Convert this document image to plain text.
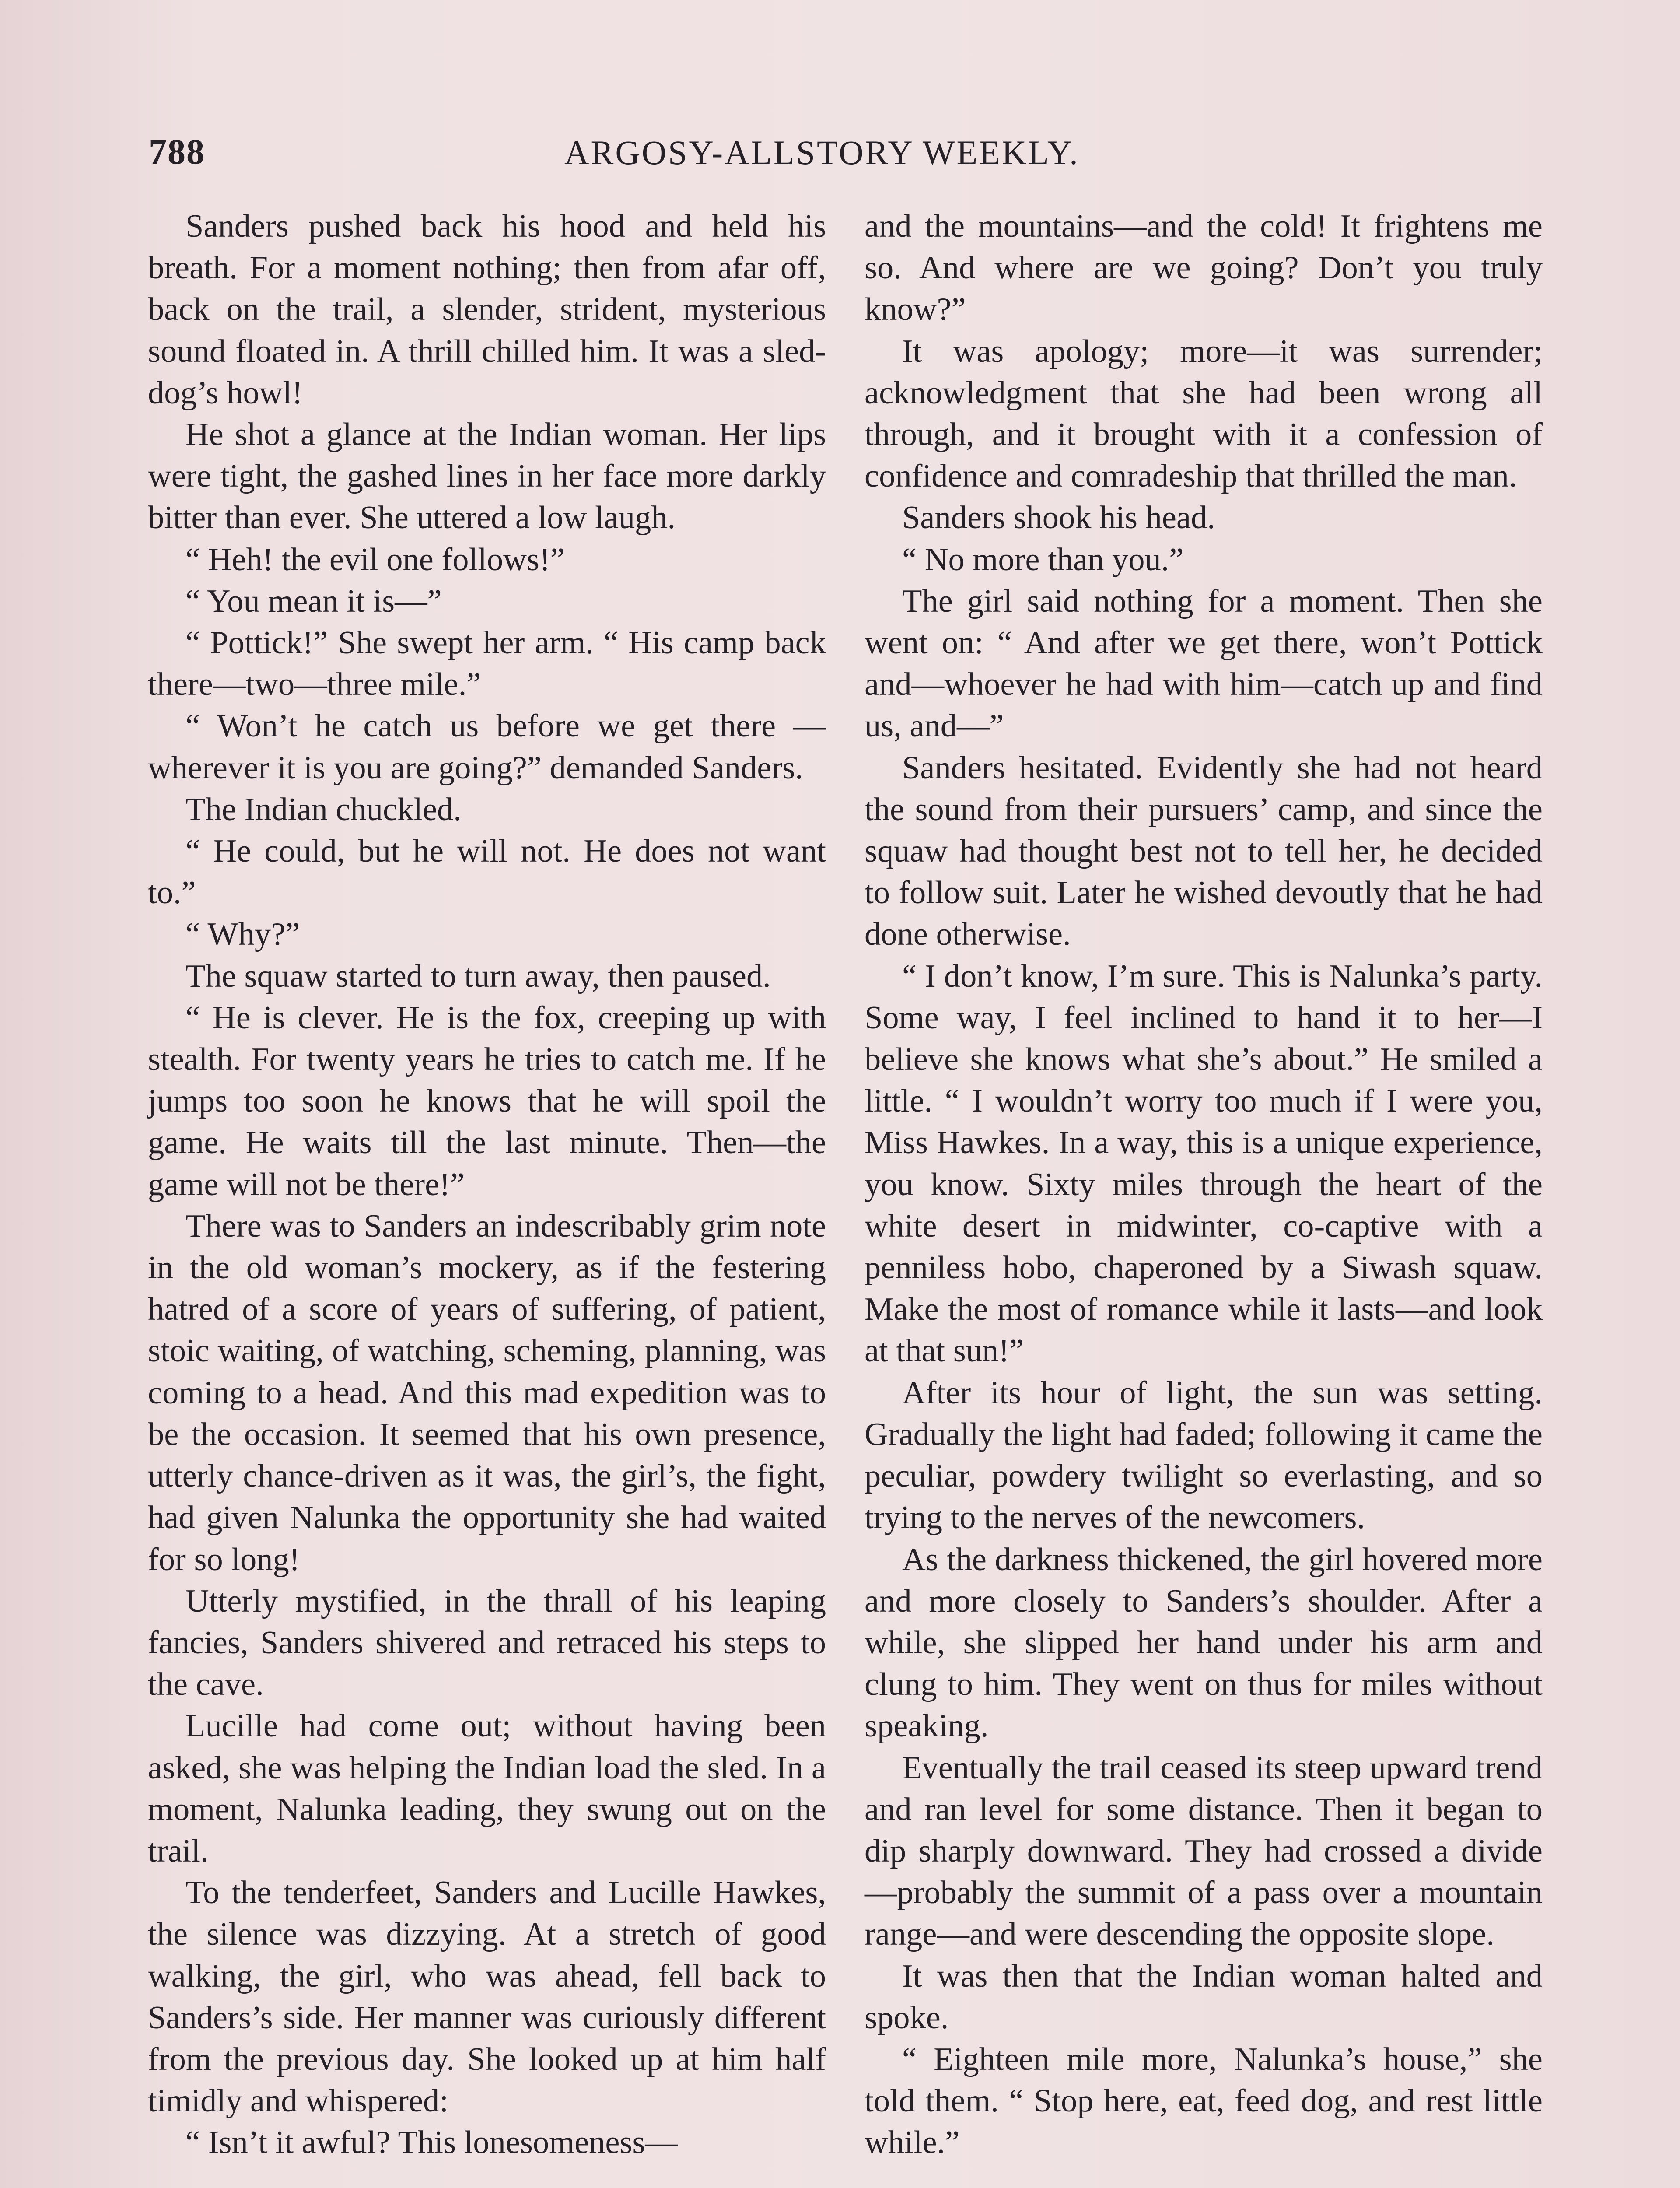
788	ARGOSY-ALLSTORY WEEKLY.

Sanders pushed back his hood and held his breath. For a moment nothing; then from afar off, back on the trail, a slender, strident, mysterious sound floated in. A thrill chilled him. It was a sled-dog’s howl!

He shot a glance at the Indian woman. Her lips were tight, the gashed lines in her face more darkly bitter than ever. She uttered a low laugh.

“ Heh! the evil one follows!”

“ You mean it is—”

“ Pottick!” She swept her arm. “ His camp back there—two—three mile.”

“ Won’t he catch us before we get there —wherever it is you are going?” demanded Sanders.

The Indian chuckled.

“ He could, but he will not. He does not want to.”

“ Why?”

The squaw started to turn away, then paused.

“ He is clever. He is the fox, creeping up with stealth. For twenty years he tries to catch me. If he jumps too soon he knows that he will spoil the game. He waits till the last minute. Then—the game will not be there!”

There was to Sanders an indescribably grim note in the old woman’s mockery, as if the festering hatred of a score of years of suffering, of patient, stoic waiting, of watching, scheming, planning, was coming to a head. And this mad expedition was to be the occasion. It seemed that his own presence, utterly chance-driven as it was, the girl’s, the fight, had given Nalunka the opportunity she had waited for so long!

Utterly mystified, in the thrall of his leaping fancies, Sanders shivered and retraced his steps to the cave.

Lucille had come out; without having been asked, she was helping the Indian load the sled. In a moment, Nalunka leading, they swung out on the trail.

To the tenderfeet, Sanders and Lucille Hawkes, the silence was dizzying. At a stretch of good walking, the girl, who was ahead, fell back to Sanders’s side. Her manner was curiously different from the previous day. She looked up at him half timidly and whispered:

“ Isn’t it awful? This lonesomeness—

and the mountains—and the cold! It frightens me so. And where are we going? Don’t you truly know?”

It was apology; more—it was surrender; acknowledgment that she had been wrong all through, and it brought with it a confession of confidence and comradeship that thrilled the man.

Sanders shook his head.

“ No more than you.”

The girl said nothing for a moment. Then she went on: “ And after we get there, won’t Pottick and—whoever he had with him—catch up and find us, and—”

Sanders hesitated. Evidently she had not heard the sound from their pursuers’ camp, and since the squaw had thought best not to tell her, he decided to follow suit. Later he wished devoutly that he had done otherwise.

“ I don’t know, I’m sure. This is Nalunka’s party. Some way, I feel inclined to hand it to her—I believe she knows what she’s about.” He smiled a little. “ I wouldn’t worry too much if I were you, Miss Hawkes. In a way, this is a unique experience, you know. Sixty miles through the heart of the white desert in midwinter, co-captive with a penniless hobo, chaperoned by a Siwash squaw. Make the most of romance while it lasts—and look at that sun!”

After its hour of light, the sun was setting. Gradually the light had faded; following it came the peculiar, powdery twilight so everlasting, and so trying to the nerves of the newcomers.

As the darkness thickened, the girl hovered more and more closely to Sanders’s shoulder. After a while, she slipped her hand under his arm and clung to him. They went on thus for miles without speaking.

Eventually the trail ceased its steep upward trend and ran level for some distance. Then it began to dip sharply downward. They had crossed a divide—probably the summit of a pass over a mountain range—and were descending the opposite slope.

It was then that the Indian woman halted and spoke.

“ Eighteen mile more, Nalunka’s house,” she told them. “ Stop here, eat, feed dog, and rest little while.”
